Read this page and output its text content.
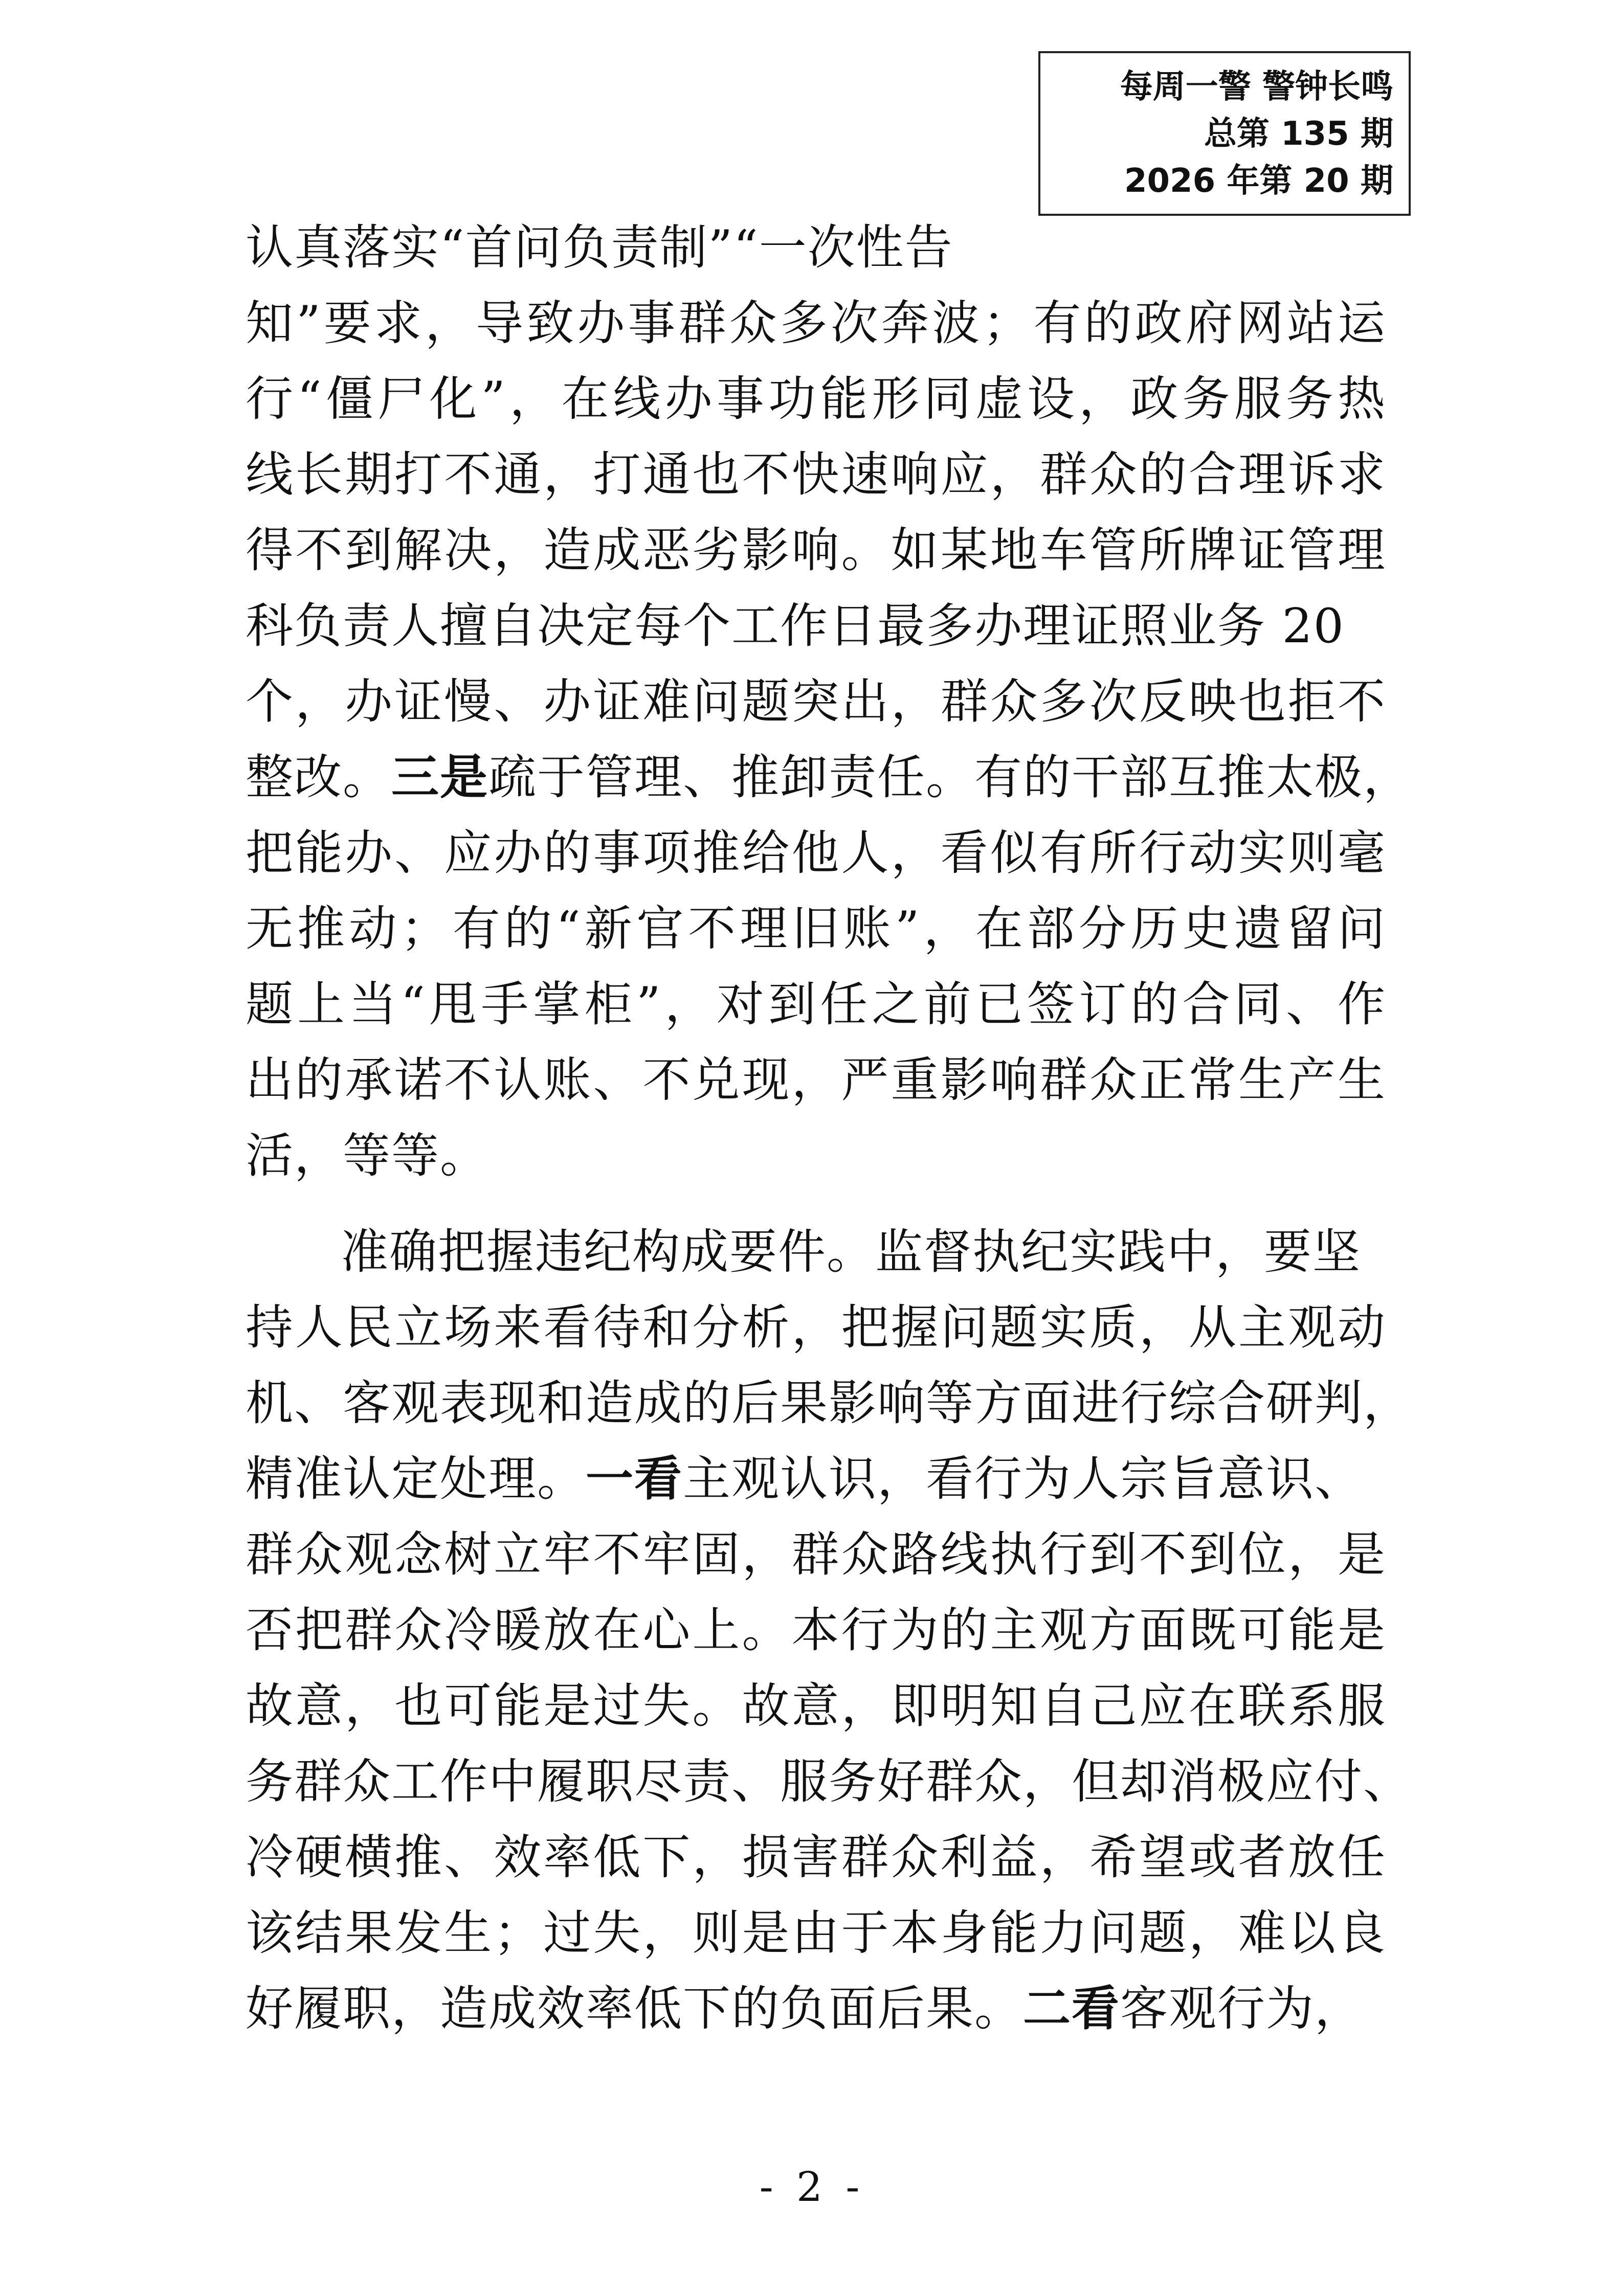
每周一警 警钟长鸣
总第 135 期
2026 年第 20 期
认真落实“首问负责制”“一次性告
知”要求，导致办事群众多次奔波；有的政府网站运
行“僵尸化”，在线办事功能形同虚设，政务服务热
线长期打不通，打通也不快速响应，群众的合理诉求
得不到解决，造成恶劣影响。如某地车管所牌证管理
科负责人擅自决定每个工作日最多办理证照业务 20
个，办证慢、办证难问题突出，群众多次反映也拒不
整改。三是疏于管理、推卸责任。有的干部互推太极，
把能办、应办的事项推给他人，看似有所行动实则毫
无推动；有的“新官不理旧账”，在部分历史遗留问
题上当“甩手掌柜”，对到任之前已签订的合同、作
出的承诺不认账、不兑现，严重影响群众正常生产生
活，等等。
准确把握违纪构成要件。监督执纪实践中，要坚
持人民立场来看待和分析，把握问题实质，从主观动
机、客观表现和造成的后果影响等方面进行综合研判，
精准认定处理。一看主观认识，看行为人宗旨意识、
群众观念树立牢不牢固，群众路线执行到不到位，是
否把群众冷暖放在心上。本行为的主观方面既可能是
故意，也可能是过失。故意，即明知自己应在联系服
务群众工作中履职尽责、服务好群众，但却消极应付、
冷硬横推、效率低下，损害群众利益，希望或者放任
该结果发生；过失，则是由于本身能力问题，难以良
好履职，造成效率低下的负面后果。二看客观行为，
- 2 -
